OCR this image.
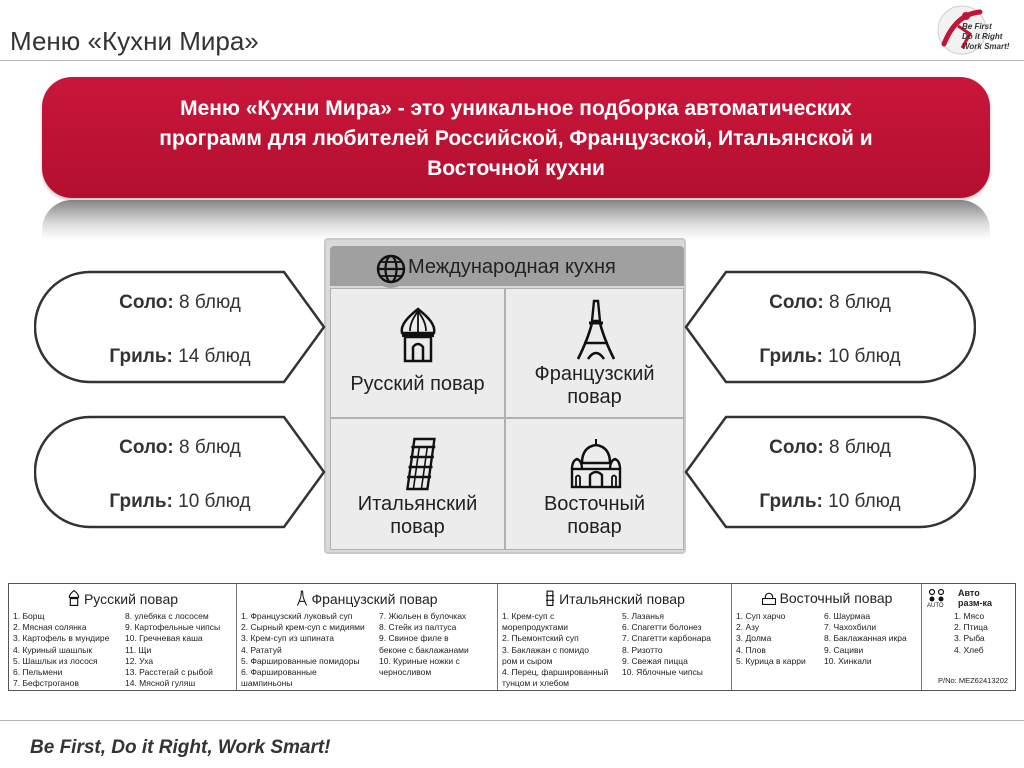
Меню «Кухни Мира»	Be First
Do it Right
Work Smart!
Меню «Кухни Мира» - это уникальное подборка автоматических
программ для любителей Российской, Французской, Итальянской и
Восточной кухни
Международная кухня
Русский повар	Французский
повар
Итальянский
повар
Восточный
повар
Соло: 8 блюд
Гриль: 14 блюд
Соло: 8 блюд
Гриль: 10 блюд
Соло: 8 блюд
Гриль: 10 блюд
Соло: 8 блюд
Гриль: 10 блюд
Русский повар
1. Борщ
2. Мясная солянка
3. Картофель в мундире
4. Куриный шашлык
5. Шашлык из лосося
6. Пельмени
7. Бефстроганов
8. улебяка с лососем
9. Картофельные чипсы
10. Гречневая каша
11. Щи
12. Уха
13. Расстегай с рыбой
14. Мясной гуляш
Французский повар
1. Французский луковый суп
2. Сырный крем-суп с мидиями
3. Крем-суп из шпината
4. Рататуй
5. Фаршированные помидоры
6. Фаршированные
шампиньоны
7. Жюльен в булочках
8. Стейк из палтуса
9. Свиное филе в
беконе с баклажанами
10. Куриные ножки с
черносливом
Итальянский повар
1. Крем-суп с
морепродуктами
2. Пьемонтский суп
3. Баклажан с помидо
ром и сыром
4. Перец, фаршированный
тунцом и хлебом
5. Лазанья
6. Спагетти болонез
7. Спагетти карбонара
8. Ризотто
9. Свежая пицца
10. Яблочные чипсы
Восточный повар
1. Суп харчо
2. Азу
3. Долма
4. Плов
5. Курица в карри
6. Шаурмаа
7. Чахохбили
8. Баклажанная икра
9. Сациви
10. Хинкали
AUTO
Авто
разм-ка
1. Мясо
2. Птица
3. Рыба
4. Хлеб
P/No: MEZ62413202
Be First, Do it Right, Work Smart!
